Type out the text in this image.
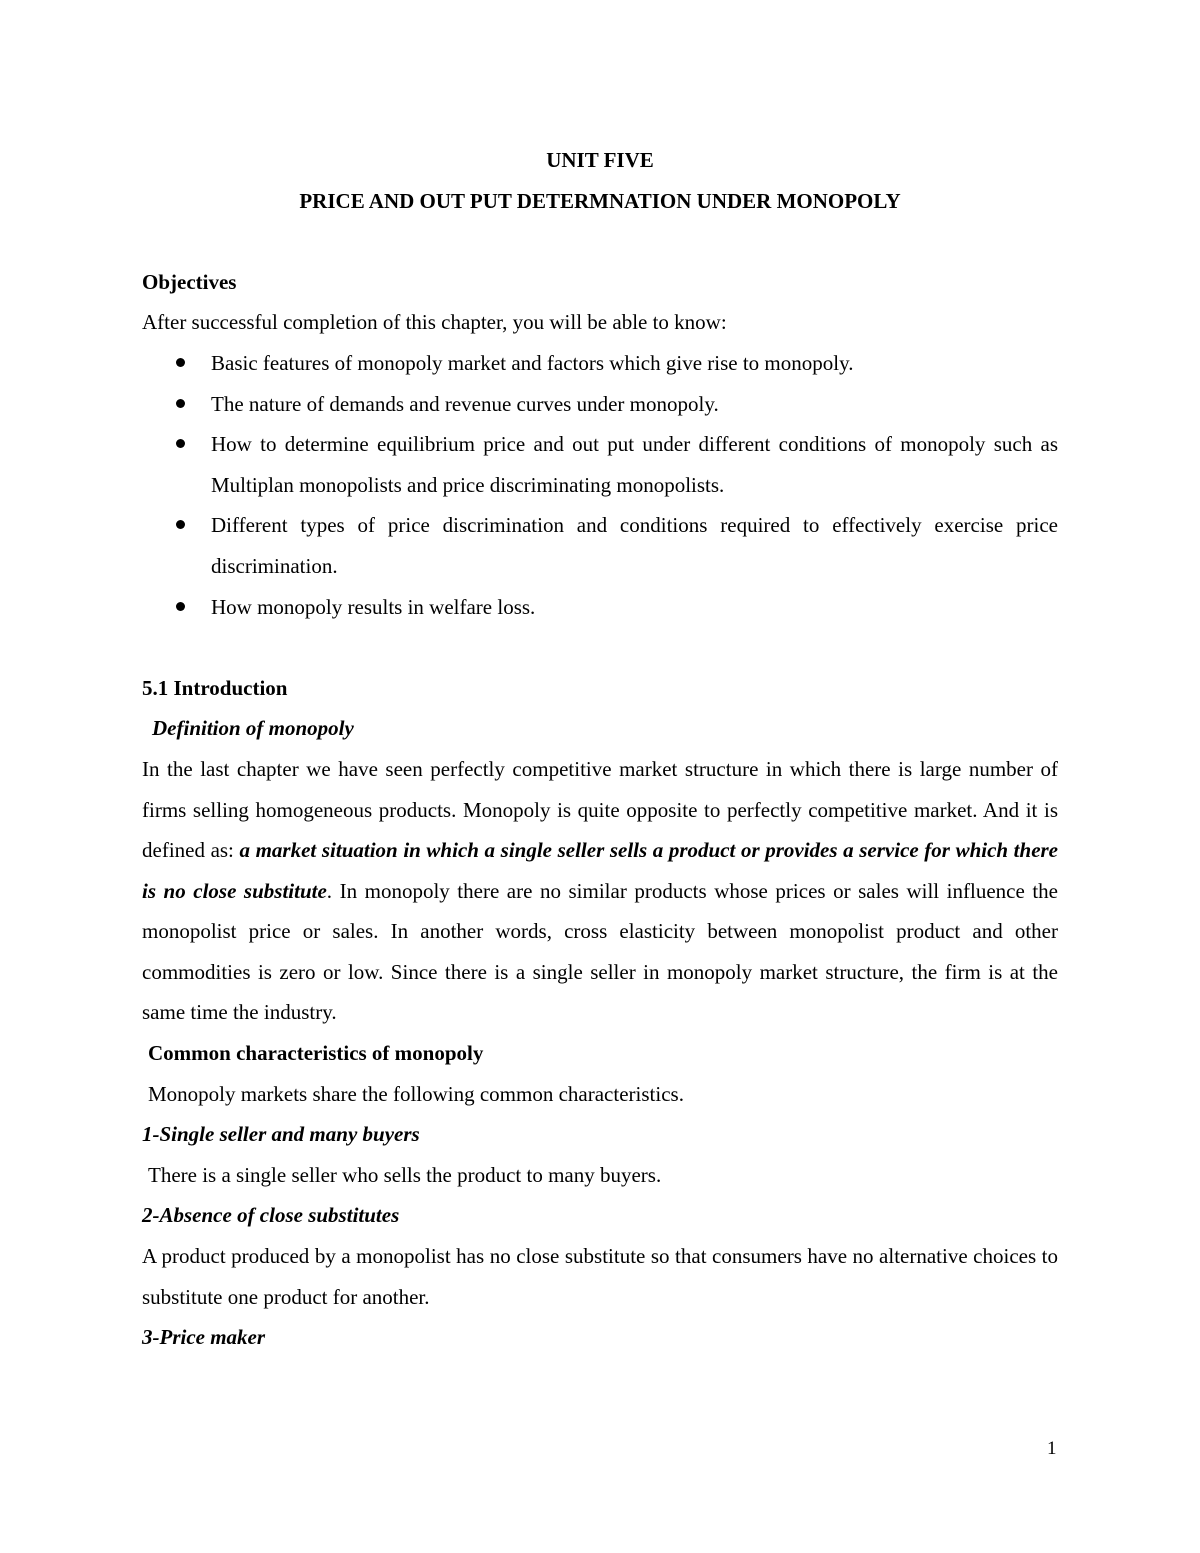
UNIT FIVE
PRICE AND OUT PUT DETERMNATION UNDER MONOPOLY
Objectives
After successful completion of this chapter, you will be able to know:
Basic features of monopoly market and factors which give rise to monopoly.
The nature of demands and revenue curves under monopoly.
How to determine equilibrium price and out put under different conditions of monopoly such as Multiplan monopolists and price discriminating monopolists.
Different types of price discrimination and conditions required to effectively exercise price discrimination.
How monopoly results in welfare loss.
5.1 Introduction
Definition of monopoly
In the last chapter we have seen perfectly competitive market structure in which there is large number of firms selling homogeneous products. Monopoly is quite opposite to perfectly competitive market. And it is defined as: a market situation in which a single seller sells a product or provides a service for which there is no close substitute. In monopoly there are no similar products whose prices or sales will influence the monopolist price or sales. In another words, cross elasticity between monopolist product and other commodities is zero or low. Since there is a single seller in monopoly market structure, the firm is at the same time the industry.
Common characteristics of monopoly
Monopoly markets share the following common characteristics.
1-Single seller and many buyers
There is a single seller who sells the product to many buyers.
2-Absence of close substitutes
A product produced by a monopolist has no close substitute so that consumers have no alternative choices to substitute one product for another.
3-Price maker
1
